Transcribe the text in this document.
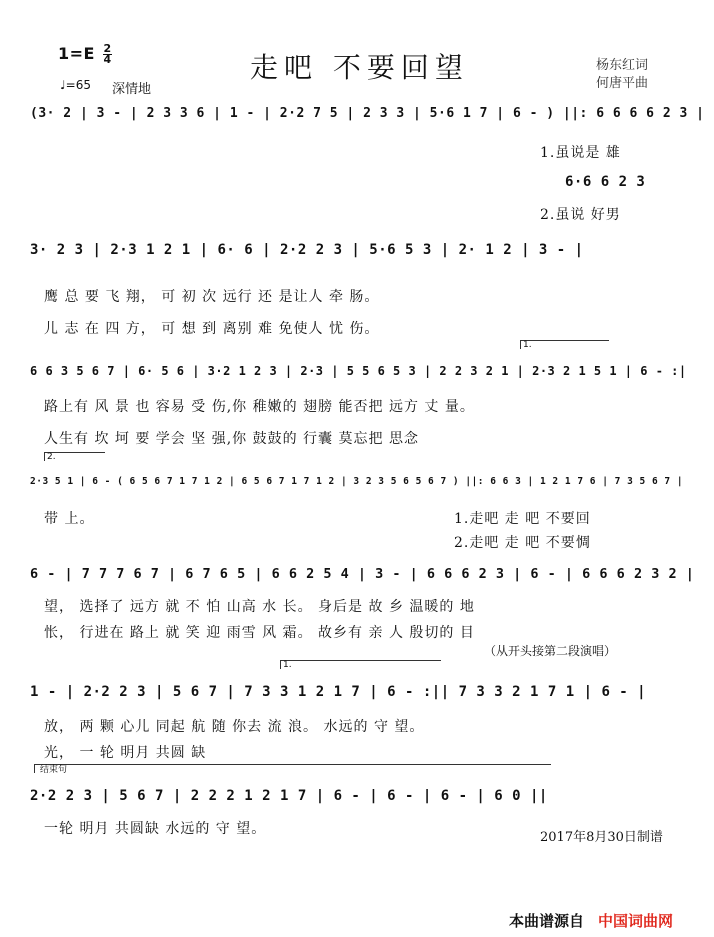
$1=E \frac{2}{4}$
♩=65 深情地
走吧 不要回望	杨东红词
何唐平曲
(3· 2 | 3 - | 2 3 3 6 | 1 - | 2·2 7 5 | 2 3 3 | 5·6 1 7 | 6 - ) ||: 6 6 6 6 2 3 |
1.虽说是 雄
6·6 6 2 3
2.虽说 好男
3· 2 3 | 2·3 1 2 1 | 6· 6 | 2·2 2 3 | 5·6 5 3 | 2· 1 2 | 3 - |
鹰 总 要 飞 翔， 可 初 次 远行 还 是让人 牵 肠。
儿 志 在 四 方， 可 想 到 离别 难 免使人 忧 伤。
1.
6 6 3 5 6 7 | 6· 5 6 | 3·2 1 2 3 | 2·3 | 5 5 6 5 3 | 2 2 3 2 1 | 2·3 2 1 5 1 | 6 - :|
路上有 风 景 也 容易 受 伤,你 稚嫩的 翅膀 能否把 远方 丈 量。
人生有 坎 坷 要 学会 坚 强,你 鼓鼓的 行囊 莫忘把 思念
2.
2·3 5 1 | 6 - ( 6 5 6 7 1 7 1 2 | 6 5 6 7 1 7 1 2 | 3 2 3 5 6 5 6 7 ) ||: 6 6 3 | 1 2 1 7 6 | 7 3 5 6 7 |
带 上。	1.走吧 走 吧 不要回
2.走吧 走 吧 不要惆
6 - | 7 7 7 6 7 | 6 7 6 5 | 6 6 2 5 4 | 3 - | 6 6 6 2 3 | 6 - | 6 6 6 2 3 2 |
望， 选择了 远方 就 不 怕 山高 水 长。 身后是 故 乡 温暖的 地
怅， 行进在 路上 就 笑 迎 雨雪 风 霜。 故乡有 亲 人 殷切的 目
（从开头接第二段演唱）
1.
1 - | 2·2 2 3 | 5 6 7 | 7 3 3 1 2 1 7 | 6 - :|| 7 3 3 2 1 7 1 | 6 - |
放， 两 颗 心儿 同起 航 随 你去 流 浪。 水远的 守 望。
光， 一 轮 明月 共圆 缺
结束句
2·2 2 3 | 5 6 7 | 2 2 2 1 2 1 7 | 6 - | 6 - | 6 - | 6 0 ||
一轮 明月 共圆缺 水远的 守 望。
2017年8月30日制谱
本曲谱源自 中国词曲网
